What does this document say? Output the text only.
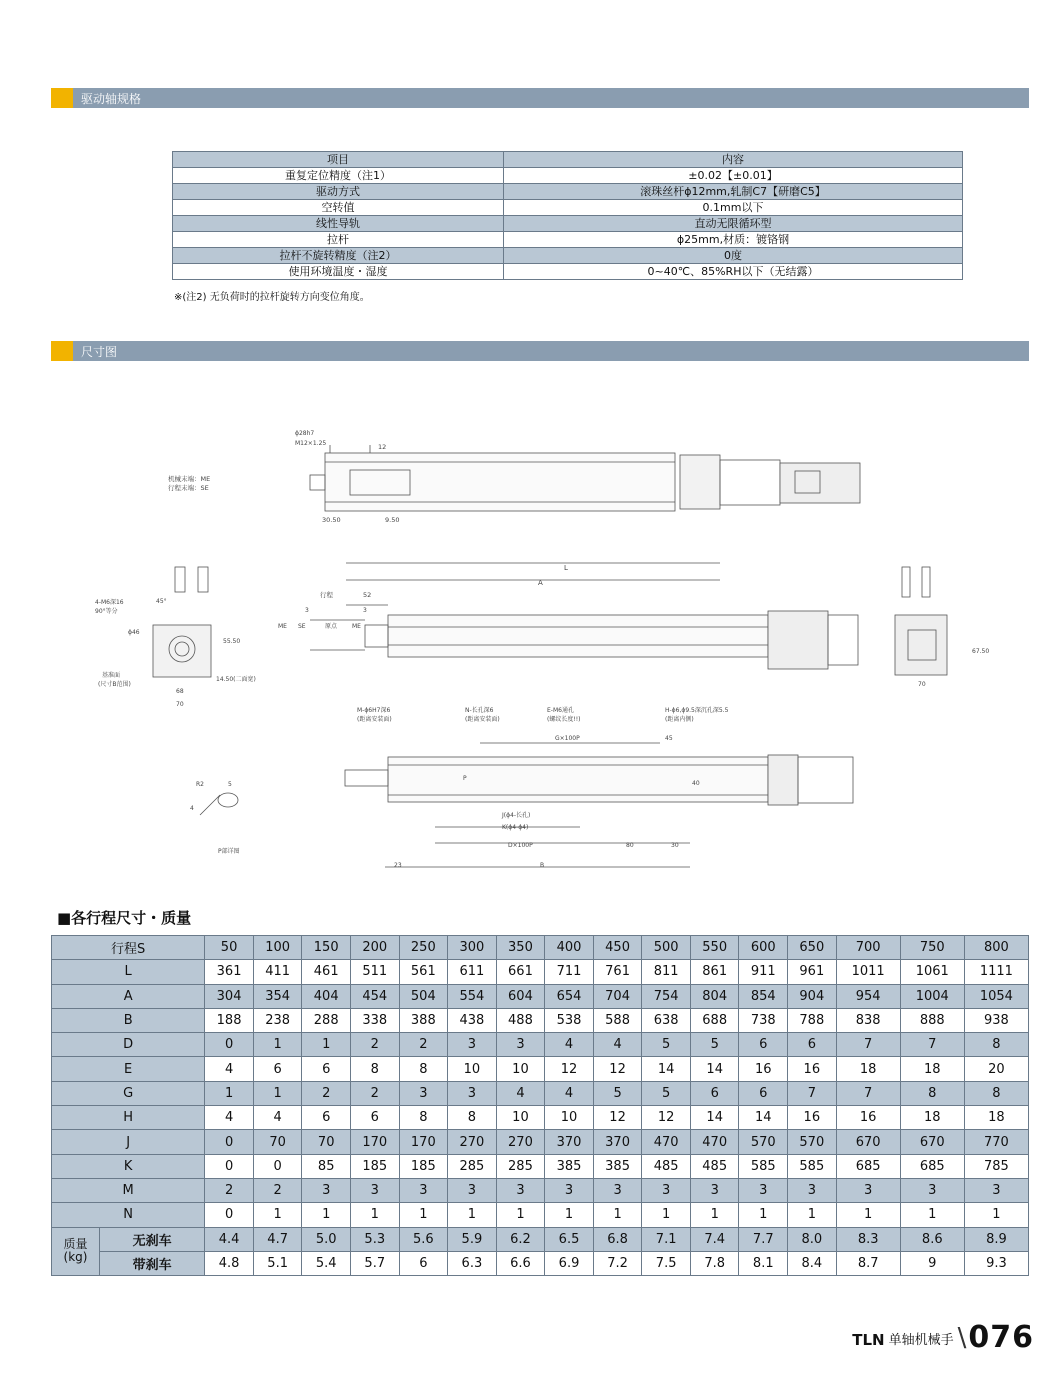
驱动轴规格
项目	内容
重复定位精度（注1）	±0.02【±0.01】
驱动方式	滚珠丝杆ϕ12mm,轧制C7【研磨C5】
空转值	0.1mm以下
线性导轨	直动无限循环型
拉杆	ϕ25mm,材质：镀铬钢
拉杆不旋转精度（注2）	0度
使用环境温度・湿度	0~40℃、85%RH以下（无结露）
※(注2) 无负荷时的拉杆旋转方向变位角度。
尺寸图
机械末端：ME
行程末端：SE
30.50	9.50
12
M12×1.25
ϕ28h7
L
A
行程	52
3	3
ME SE	原点 ME
4-M6深16
90°等分
45°
ϕ46
55.50
14.50(二面宽)
基准面
(尺寸B范围)
68
70
67.50
70
M-ϕ6H7深6
(距离安装面)
N-长孔深6
(距离安装面)
E-M6通孔
(螺纹长度!!)
H-ϕ6,ϕ9.5深沉孔深5.5
(距离内侧)
G×100P	45
J(ϕ4-长孔)
K(ϕ4-ϕ4)
D×100P	80	30
23	B
40
P
R2	5
4
P部详图
■各行程尺寸・质量
行程S		50	100	150	200	250	300	350	400	450	500	550	600	650	700	750	800
L		361	411	461	511	561	611	661	711	761	811	861	911	961	1011	1061	1111
A		304	354	404	454	504	554	604	654	704	754	804	854	904	954	1004	1054
B		188	238	288	338	388	438	488	538	588	638	688	738	788	838	888	938
D		0	1	1	2	2	3	3	4	4	5	5	6	6	7	7	8
E		4	6	6	8	8	10	10	12	12	14	14	16	16	18	18	20
G		1	1	2	2	3	3	4	4	5	5	6	6	7	7	8	8
H		4	4	6	6	8	8	10	10	12	12	14	14	16	16	18	18
J		0	70	70	170	170	270	270	370	370	470	470	570	570	670	670	770
K		0	0	85	185	185	285	285	385	385	485	485	585	585	685	685	785
M		2	2	3	3	3	3	3	3	3	3	3	3	3	3	3	3
N		0	1	1	1	1	1	1	1	1	1	1	1	1	1	1	1

质量
(kg)	无刹车	4.4	4.7	5.0	5.3	5.6	5.9	6.2	6.5	6.8	7.1	7.4	7.7	8.0	8.3	8.6	8.9
	带刹车	4.8	5.1	5.4	5.7	6	6.3	6.6	6.9	7.2	7.5	7.8	8.1	8.4	8.7	9	9.3
TLN 单轴机械手 \ 076
